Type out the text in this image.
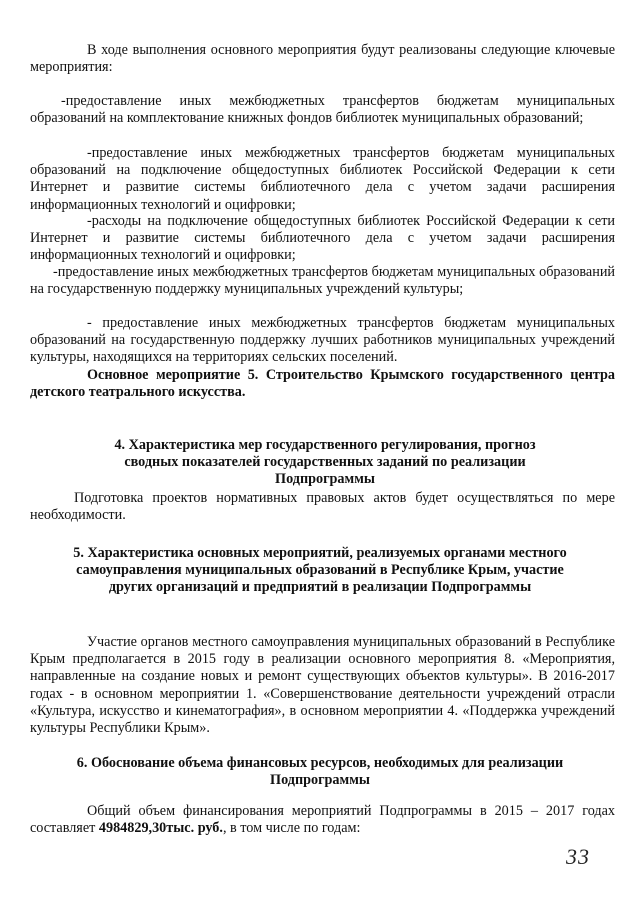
В ходе выполнения основного мероприятия будут реализованы следующие ключевые мероприятия:
-предоставление иных межбюджетных трансфертов бюджетам муниципальных образований на комплектование книжных фондов библиотек муниципальных образований;
-предоставление иных межбюджетных трансфертов бюджетам муниципальных образований на подключение общедоступных библиотек Российской Федерации к сети Интернет и развитие системы библиотечного дела с учетом задачи расширения информационных технологий и оцифровки;
-расходы на подключение общедоступных библиотек Российской Федерации к сети Интернет и развитие системы библиотечного дела с учетом задачи расширения информационных технологий и оцифровки;
-предоставление иных межбюджетных трансфертов бюджетам муниципальных образований на государственную поддержку муниципальных учреждений культуры;
- предоставление иных межбюджетных трансфертов бюджетам муниципальных образований на государственную поддержку лучших работников муниципальных учреждений культуры, находящихся на территориях сельских поселений.
Основное мероприятие 5. Строительство Крымского государственного центра детского театрального искусства.
4. Характеристика мер государственного регулирования, прогноз сводных показателей государственных заданий по реализации Подпрограммы
Подготовка проектов нормативных правовых актов будет осуществляться по мере необходимости.
5. Характеристика основных мероприятий, реализуемых органами местного самоуправления муниципальных образований в Республике Крым, участие других организаций и предприятий в реализации Подпрограммы
Участие органов местного самоуправления муниципальных образований в Республике Крым предполагается в 2015 году в реализации основного мероприятия 8. «Мероприятия, направленные на создание новых и ремонт существующих объектов культуры». В 2016-2017 годах - в основном мероприятии 1. «Совершенствование деятельности учреждений отрасли «Культура, искусство и кинематография», в основном мероприятии 4. «Поддержка учреждений культуры Республики Крым».
6. Обоснование объема финансовых ресурсов, необходимых для реализации Подпрограммы
Общий объем финансирования мероприятий Подпрограммы в 2015 – 2017 годах составляет 4984829,30тыс. руб., в том числе по годам:
33
